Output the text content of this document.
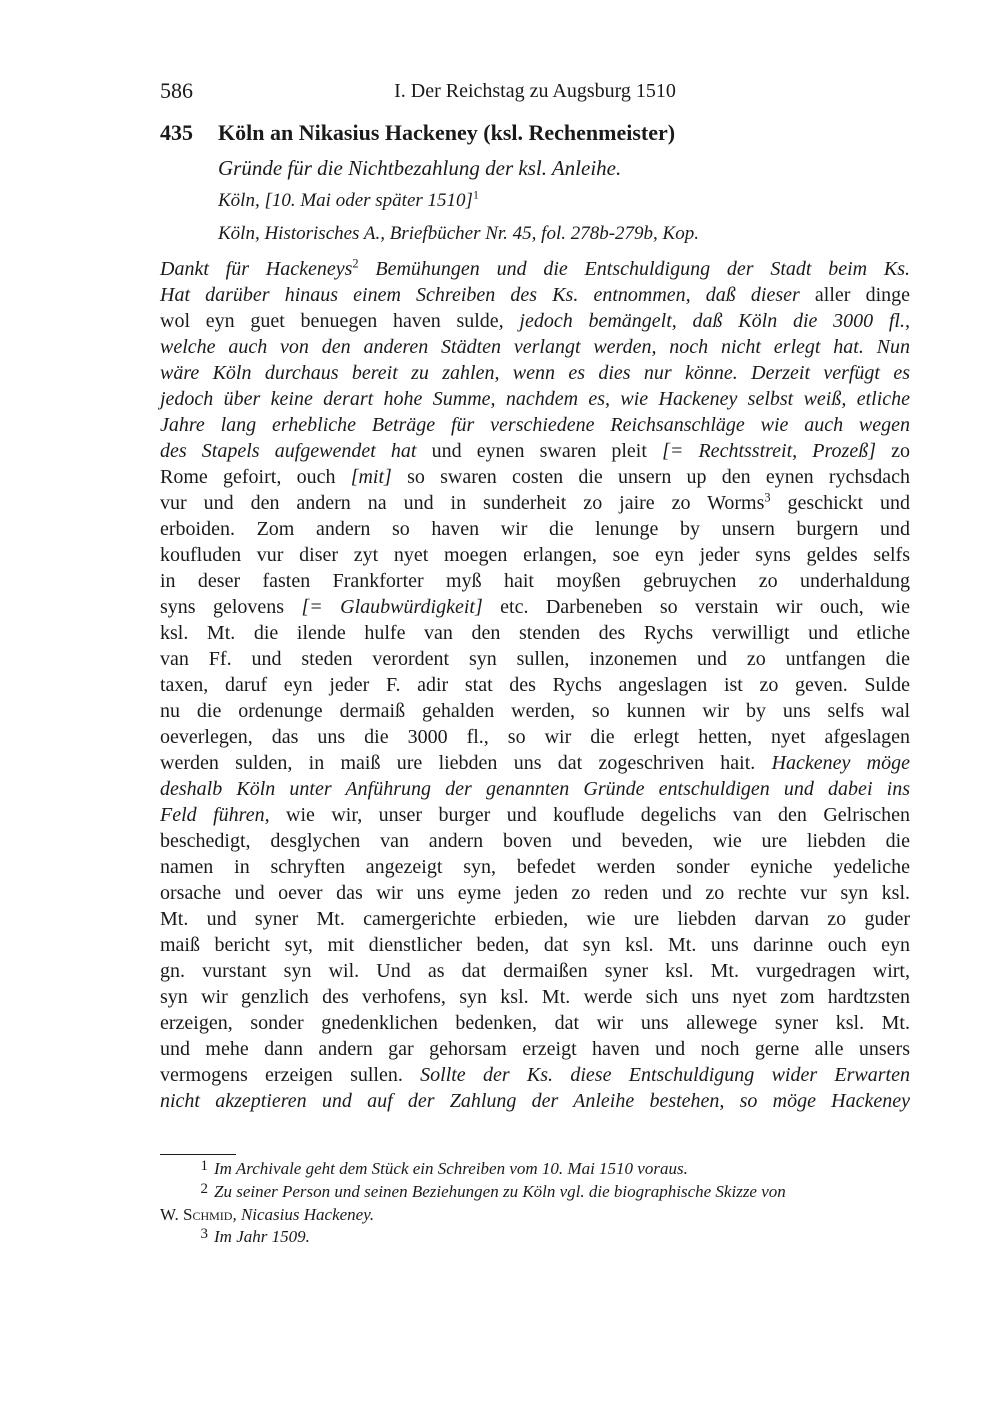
586	I. Der Reichstag zu Augsburg 1510
435 Köln an Nikasius Hackeney (ksl. Rechenmeister)
Gründe für die Nichtbezahlung der ksl. Anleihe.
Köln, [10. Mai oder später 1510]$^1$
Köln, Historisches A., Briefbücher Nr. 45, fol. 278b-279b, Kop.
Dankt für Hackeneys$^2$ Bemühungen und die Entschuldigung der Stadt beim Ks.
Hat darüber hinaus einem Schreiben des Ks. entnommen, daß dieser aller dinge
wol eyn guet benuegen haven sulde, jedoch bemängelt, daß Köln die 3000 fl.,
welche auch von den anderen Städten verlangt werden, noch nicht erlegt hat. Nun
wäre Köln durchaus bereit zu zahlen, wenn es dies nur könne. Derzeit verfügt es
jedoch über keine derart hohe Summe, nachdem es, wie Hackeney selbst weiß, etliche
Jahre lang erhebliche Beträge für verschiedene Reichsanschläge wie auch wegen
des Stapels aufgewendet hat und eynen swaren pleit [= Rechtsstreit, Prozeß] zo
Rome gefoirt, ouch [mit] so swaren costen die unsern up den eynen rychsdach
vur und den andern na und in sunderheit zo jaire zo Worms$^3$ geschickt und
erboiden. Zom andern so haven wir die lenunge by unsern burgern und
koufluden vur diser zyt nyet moegen erlangen, soe eyn jeder syns geldes selfs
in deser fasten Frankforter myß hait moyßen gebruychen zo underhaldung
syns gelovens [= Glaubwürdigkeit] etc. Darbeneben so verstain wir ouch, wie
ksl. Mt. die ilende hulfe van den stenden des Rychs verwilligt und etliche
van Ff. und steden verordent syn sullen, inzonemen und zo untfangen die
taxen, daruf eyn jeder F. adir stat des Rychs angeslagen ist zo geven. Sulde
nu die ordenunge dermaiß gehalden werden, so kunnen wir by uns selfs wal
oeverlegen, das uns die 3000 fl., so wir die erlegt hetten, nyet afgeslagen
werden sulden, in maiß ure liebden uns dat zogeschriven hait. Hackeney möge
deshalb Köln unter Anführung der genannten Gründe entschuldigen und dabei ins
Feld führen, wie wir, unser burger und kouflude degelichs van den Gelrischen
beschedigt, desglychen van andern boven und beveden, wie ure liebden die
namen in schryften angezeigt syn, befedet werden sonder eyniche yedeliche
orsache und oever das wir uns eyme jeden zo reden und zo rechte vur syn ksl.
Mt. und syner Mt. camergerichte erbieden, wie ure liebden darvan zo guder
maiß bericht syt, mit dienstlicher beden, dat syn ksl. Mt. uns darinne ouch eyn
gn. vurstant syn wil. Und as dat dermaißen syner ksl. Mt. vurgedragen wirt,
syn wir genzlich des verhofens, syn ksl. Mt. werde sich uns nyet zom hardtzsten
erzeigen, sonder gnedenklichen bedenken, dat wir uns allewege syner ksl. Mt.
und mehe dann andern gar gehorsam erzeigt haven und noch gerne alle unsers
vermogens erzeigen sullen. Sollte der Ks. diese Entschuldigung wider Erwarten
nicht akzeptieren und auf der Zahlung der Anleihe bestehen, so möge Hackeney
1 Im Archivale geht dem Stück ein Schreiben vom 10. Mai 1510 voraus.
2 Zu seiner Person und seinen Beziehungen zu Köln vgl. die biographische Skizze von
W. Schmid, Nicasius Hackeney.
3 Im Jahr 1509.
